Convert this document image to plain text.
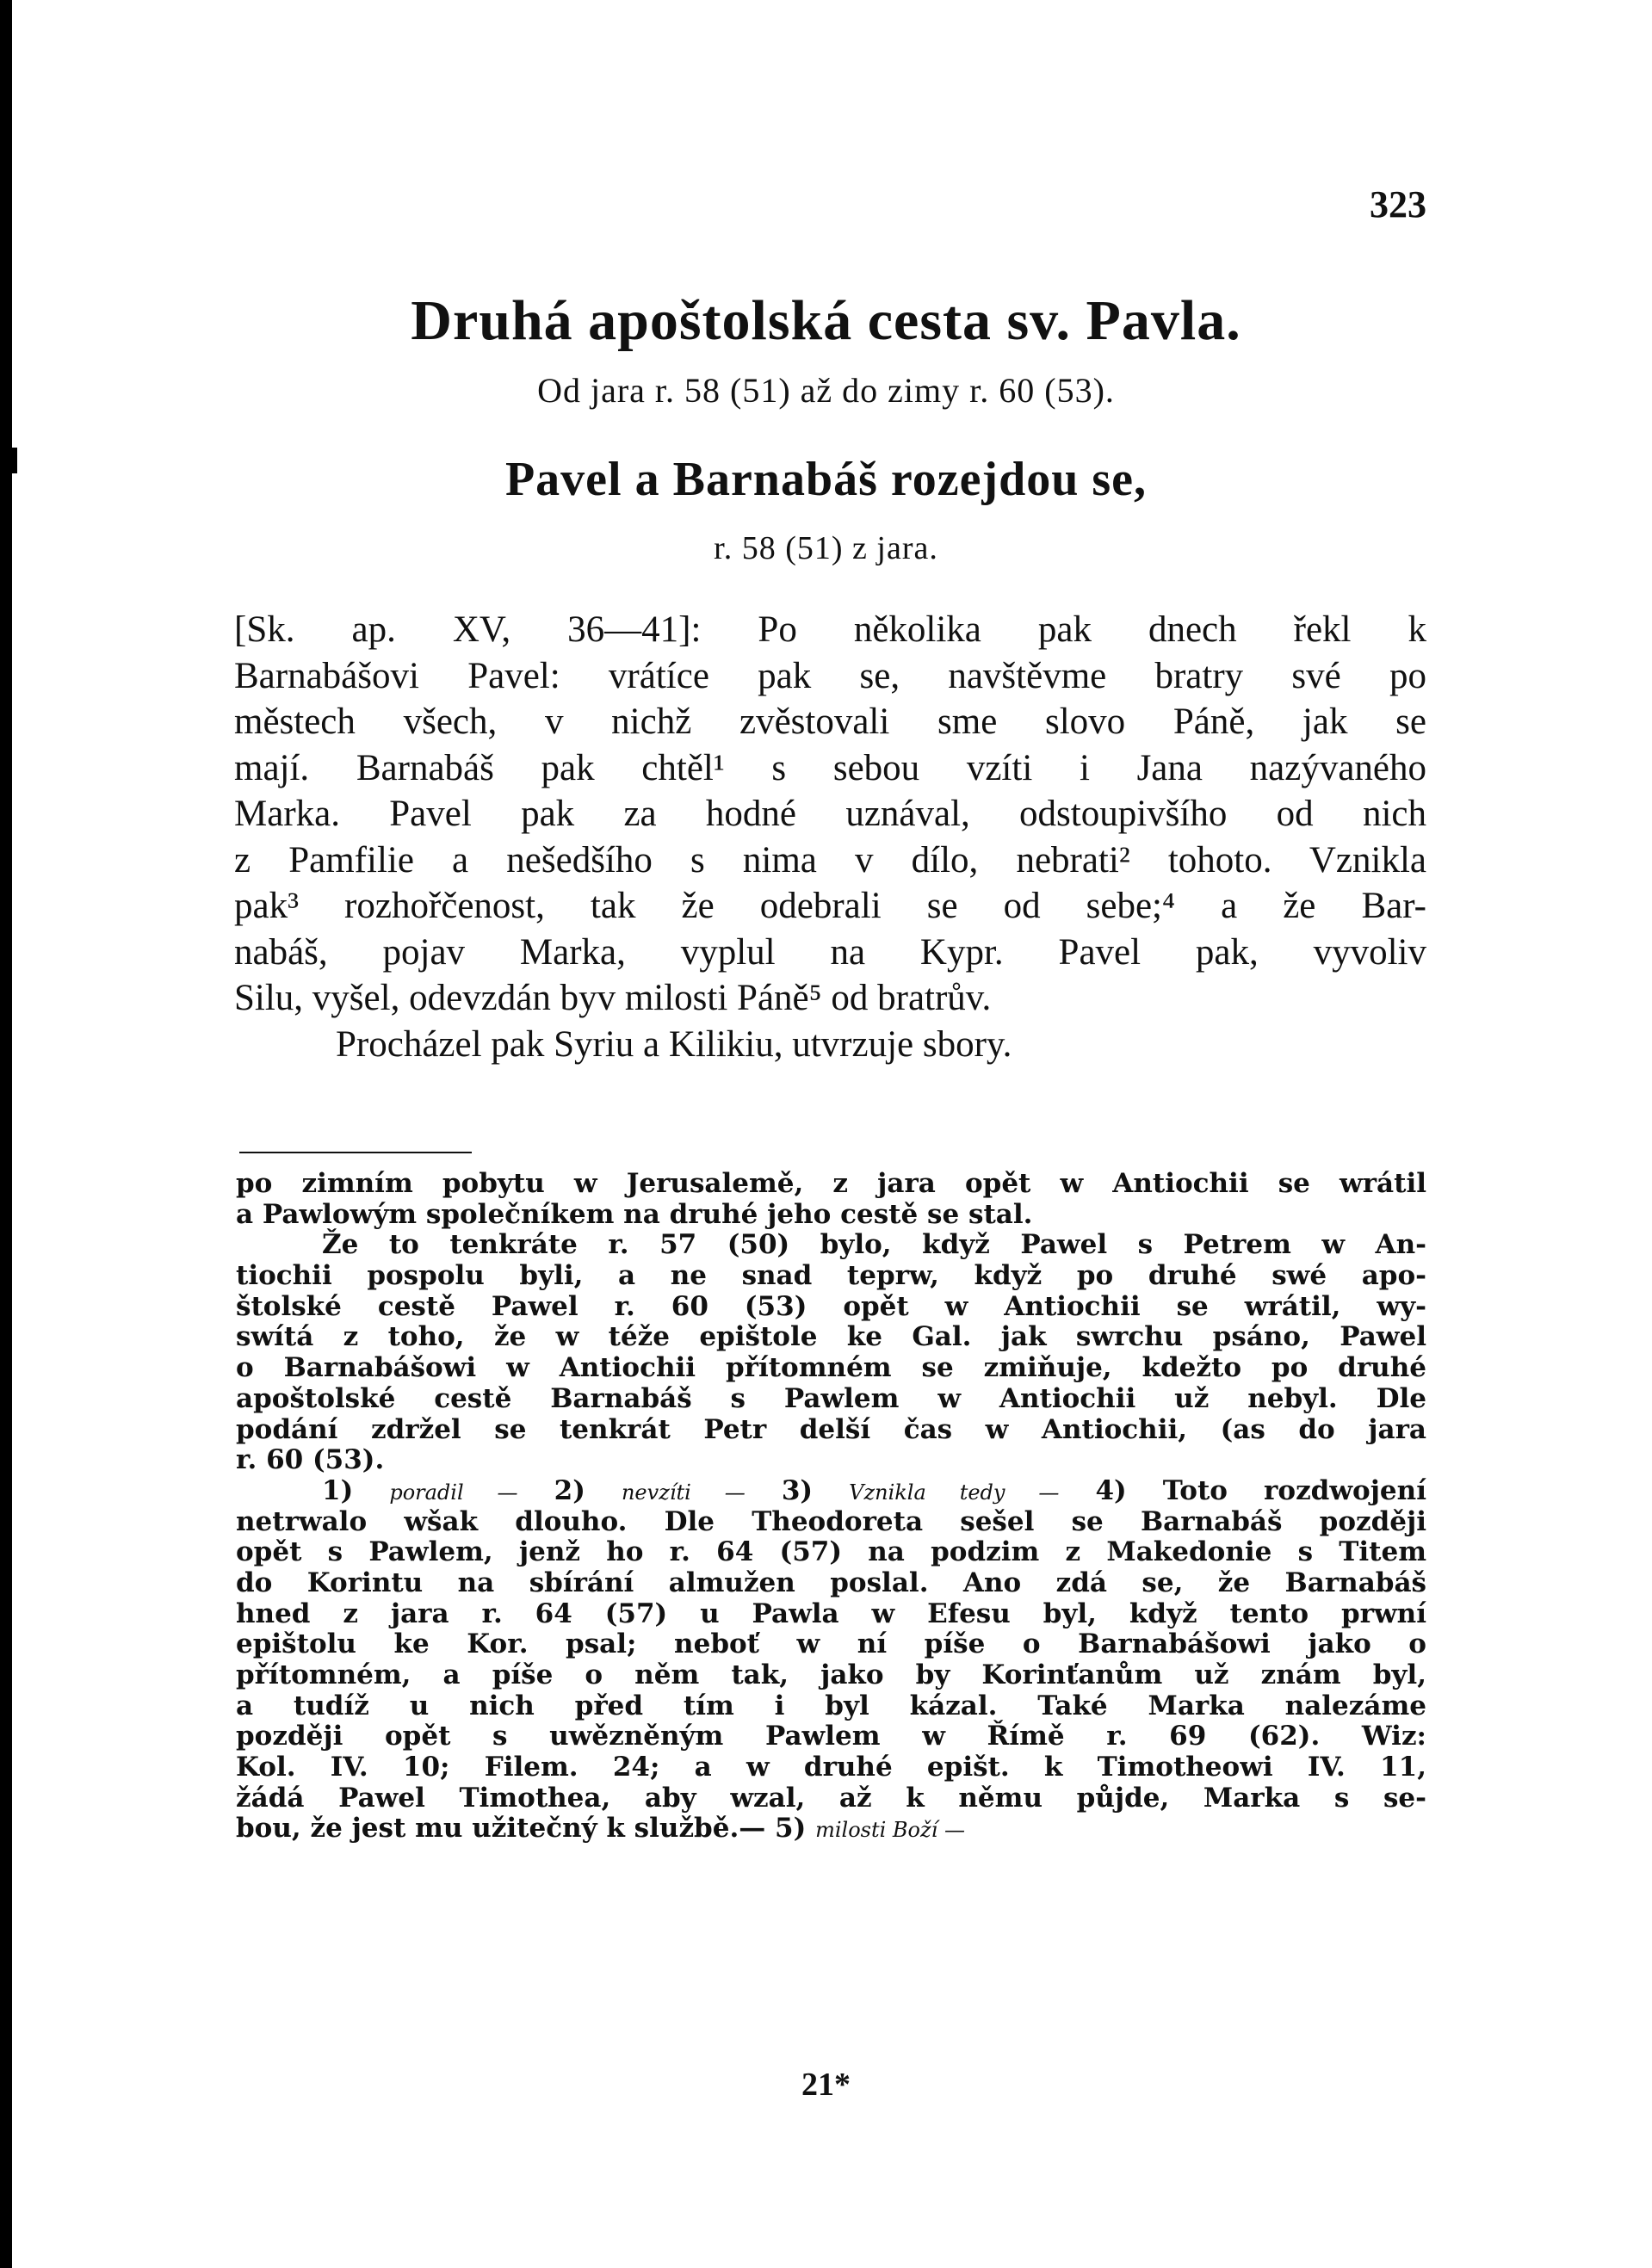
323
Druhá apoštolská cesta sv. Pavla.
Od jara r. 58 (51) až do zimy r. 60 (53).
Pavel a Barnabáš rozejdou se,
r. 58 (51) z jara.
[Sk. ap. XV, 36—41]: Po několika pak dnech řekl k
Barnabášovi Pavel: vrátíce pak se, navštěvme bratry své po
městech všech, v nichž zvěstovali sme slovo Páně, jak se
mají. Barnabáš pak chtěl¹ s sebou vzíti i Jana nazývaného
Marka. Pavel pak za hodné uznával, odstoupivšího od nich
z Pamfilie a nešedšího s nima v dílo, nebrati² tohoto. Vznikla
pak³ rozhořčenost, tak že odebrali se od sebe;⁴ a že Bar-
nabáš, pojav Marka, vyplul na Kypr. Pavel pak, vyvoliv
Silu, vyšel, odevzdán byv milosti Páně⁵ od bratrův.
Procházel pak Syriu a Kilikiu, utvrzuje sbory.
po zimním pobytu w Jerusalemě, z jara opět w Antiochii se wrátil
a Pawlowým společníkem na druhé jeho cestě se stal.
Že to tenkráte r. 57 (50) bylo, když Pawel s Petrem w An-
tiochii pospolu byli, a ne snad teprw, když po druhé swé apo-
štolské cestě Pawel r. 60 (53) opět w Antiochii se wrátil, wy-
swítá z toho, že w téže epištole ke Gal. jak swrchu psáno, Pawel
o Barnabášowi w Antiochii přítomném se zmiňuje, kdežto po druhé
apoštolské cestě Barnabáš s Pawlem w Antiochii už nebyl. Dle
podání zdržel se tenkrát Petr delší čas w Antiochii, (as do jara
r. 60 (53).
1) poradil — 2) nevzíti — 3) Vznikla tedy — 4) Toto rozdwojení
netrwalo wšak dlouho. Dle Theodoreta sešel se Barnabáš později
opět s Pawlem, jenž ho r. 64 (57) na podzim z Makedonie s Titem
do Korintu na sbírání almužen poslal. Ano zdá se, že Barnabáš
hned z jara r. 64 (57) u Pawla w Efesu byl, když tento prwní
epištolu ke Kor. psal; neboť w ní píše o Barnabášowi jako o
přítomném, a píše o něm tak, jako by Korinťanům už znám byl,
a tudíž u nich před tím i byl kázal. Také Marka nalezáme
později opět s uwězněným Pawlem w Římě r. 69 (62). Wiz:
Kol. IV. 10; Filem. 24; a w druhé epišt. k Timotheowi IV. 11,
žádá Pawel Timothea, aby wzal, až k němu půjde, Marka s se-
bou, že jest mu užitečný k službě.— 5) milosti Boží —
21*
